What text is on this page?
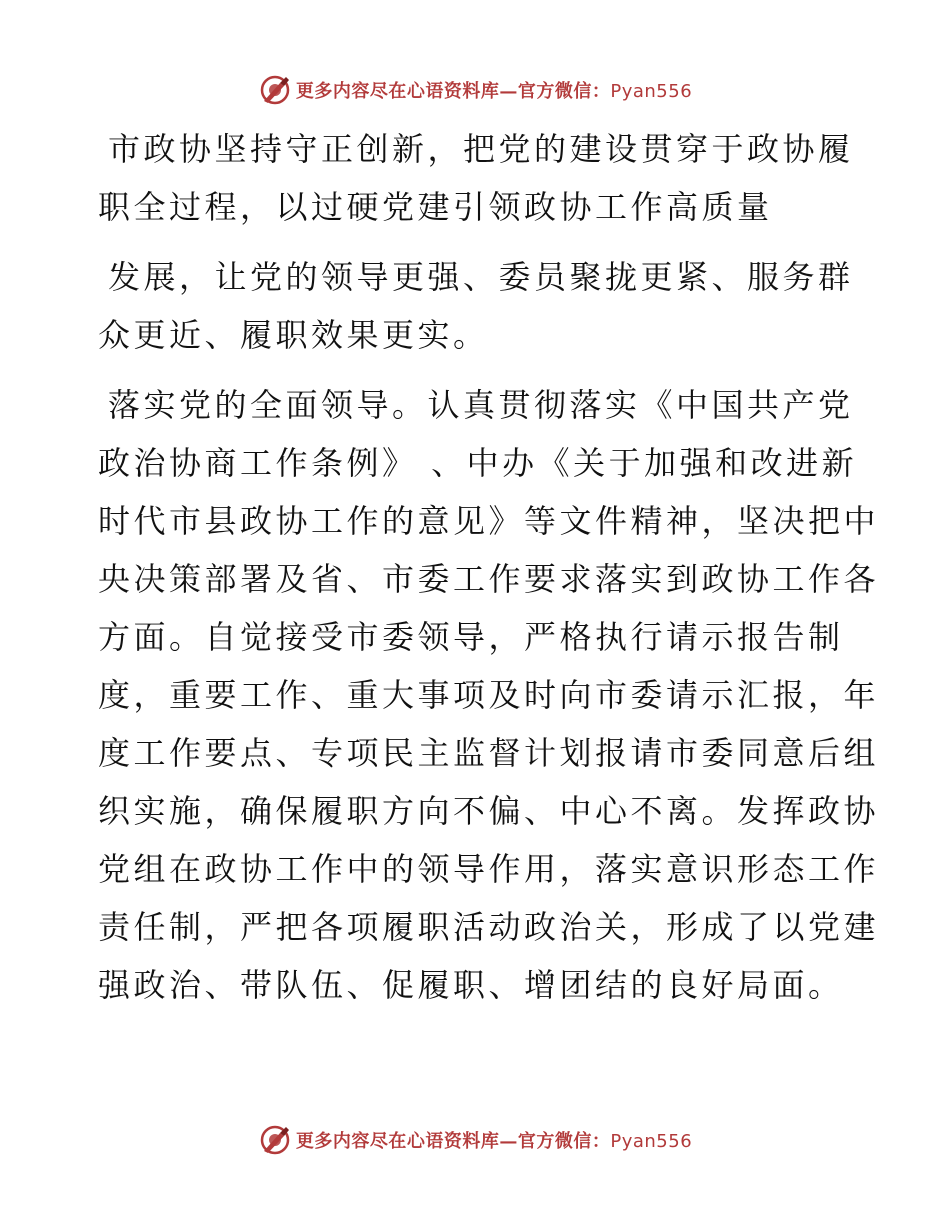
更多内容尽在心语资料库—官方微信：Pyan556
市政协坚持守正创新，把党的建设贯穿于政协履
职全过程，以过硬党建引领政协工作高质量
发展，让党的领导更强、委员聚拢更紧、服务群
众更近、履职效果更实。
落实党的全面领导。认真贯彻落实《中国共产党
政治协商工作条例》 、中办《关于加强和改进新
时代市县政协工作的意见》等文件精神，坚决把中
央决策部署及省、市委工作要求落实到政协工作各
方面。自觉接受市委领导，严格执行请示报告制
度，重要工作、重大事项及时向市委请示汇报，年
度工作要点、专项民主监督计划报请市委同意后组
织实施，确保履职方向不偏、中心不离。发挥政协
党组在政协工作中的领导作用，落实意识形态工作
责任制，严把各项履职活动政治关，形成了以党建
强政治、带队伍、促履职、增团结的良好局面。
更多内容尽在心语资料库—官方微信：Pyan556
